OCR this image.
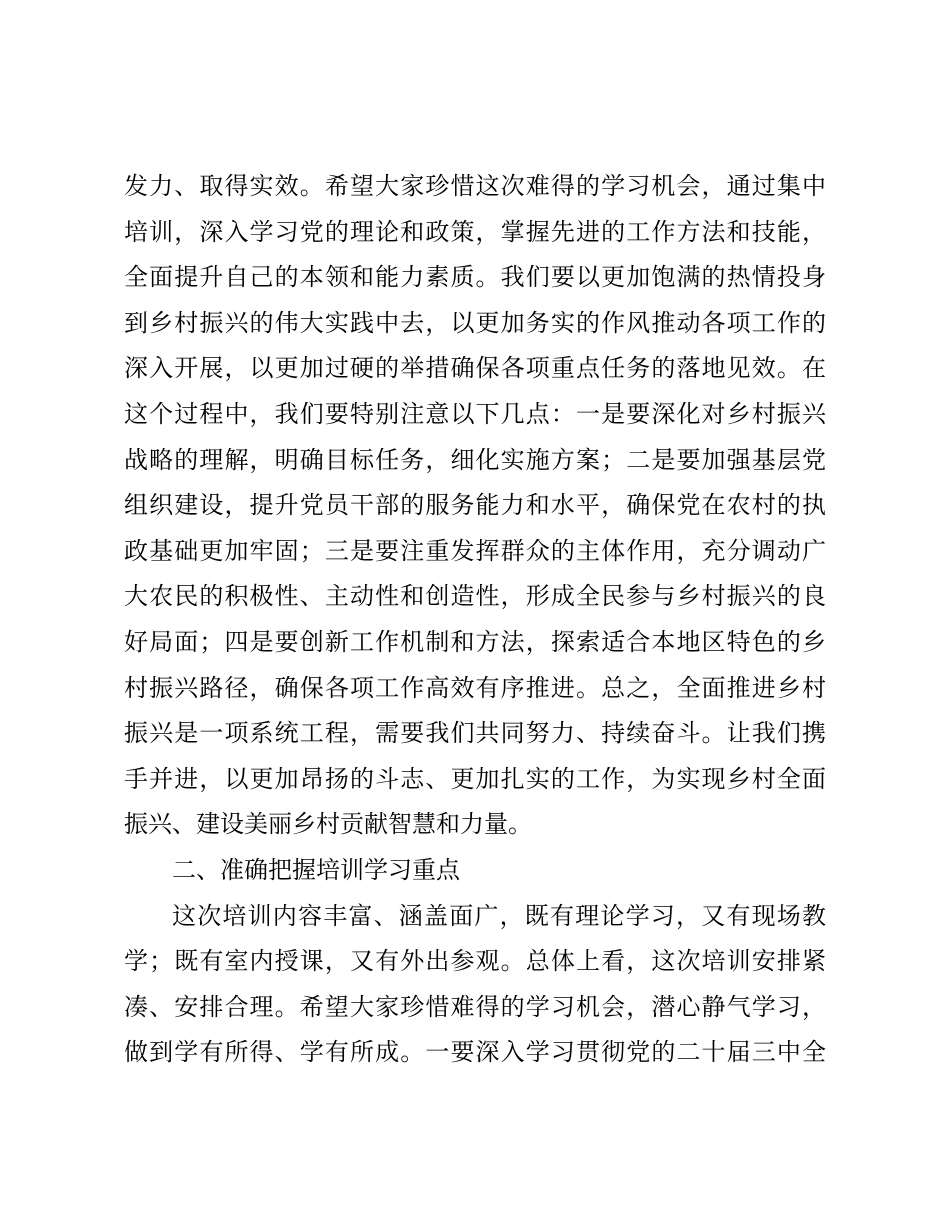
发力、取得实效。希望大家珍惜这次难得的学习机会，通过集中
培训，深入学习党的理论和政策，掌握先进的工作方法和技能，
全面提升自己的本领和能力素质。我们要以更加饱满的热情投身
到乡村振兴的伟大实践中去，以更加务实的作风推动各项工作的
深入开展，以更加过硬的举措确保各项重点任务的落地见效。在
这个过程中，我们要特别注意以下几点：一是要深化对乡村振兴
战略的理解，明确目标任务，细化实施方案；二是要加强基层党
组织建设，提升党员干部的服务能力和水平，确保党在农村的执
政基础更加牢固；三是要注重发挥群众的主体作用，充分调动广
大农民的积极性、主动性和创造性，形成全民参与乡村振兴的良
好局面；四是要创新工作机制和方法，探索适合本地区特色的乡
村振兴路径，确保各项工作高效有序推进。总之，全面推进乡村
振兴是一项系统工程，需要我们共同努力、持续奋斗。让我们携
手并进，以更加昂扬的斗志、更加扎实的工作，为实现乡村全面
振兴、建设美丽乡村贡献智慧和力量。
二、准确把握培训学习重点
这次培训内容丰富、涵盖面广，既有理论学习，又有现场教
学；既有室内授课，又有外出参观。总体上看，这次培训安排紧
凑、安排合理。希望大家珍惜难得的学习机会，潜心静气学习，
做到学有所得、学有所成。一要深入学习贯彻党的二十届三中全
